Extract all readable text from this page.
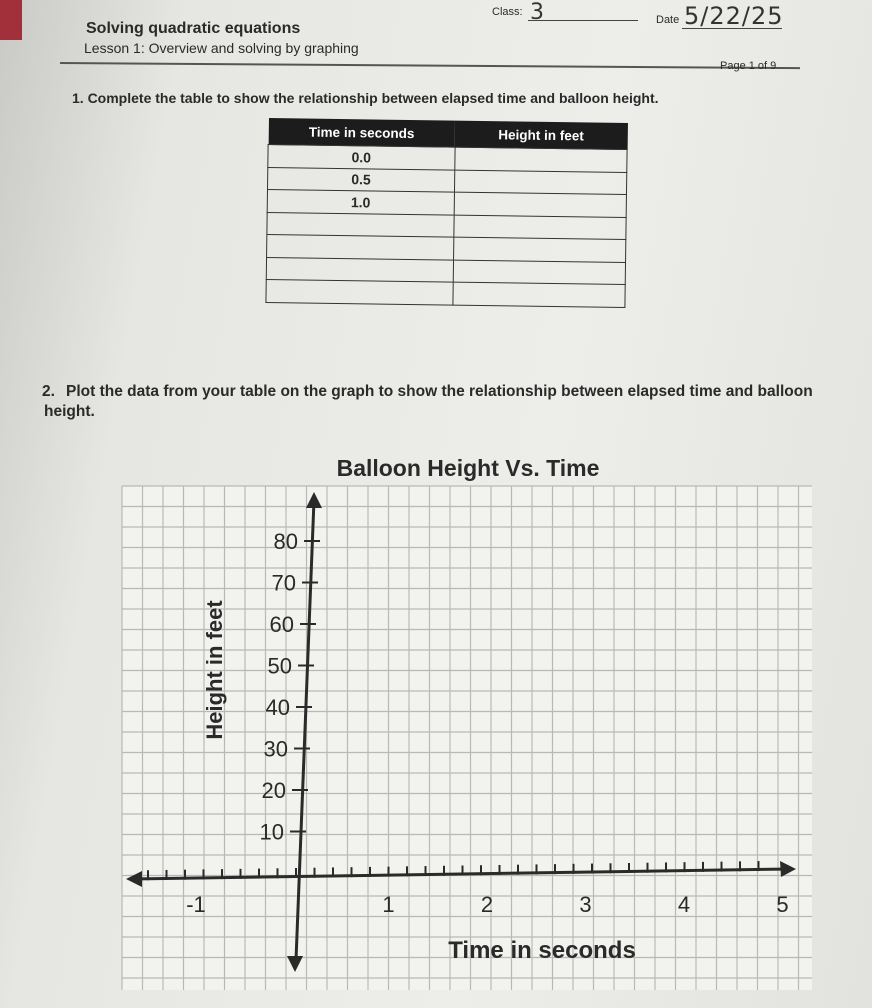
Class: 3	Date 5/22/25
Solving quadratic equations
Lesson 1: Overview and solving by graphing
Page 1 of 9
1. Complete the table to show the relationship between elapsed time and balloon height.
Time in seconds	Height in feet
0.0	
0.5	
1.0	

2. Plot the data from your table on the graph to show the relationship between elapsed time and balloon height.
10
20
30
40
50
60
70
80
-1	1	2	3	4	5
Balloon Height Vs. Time
Time in seconds
Height in feet
